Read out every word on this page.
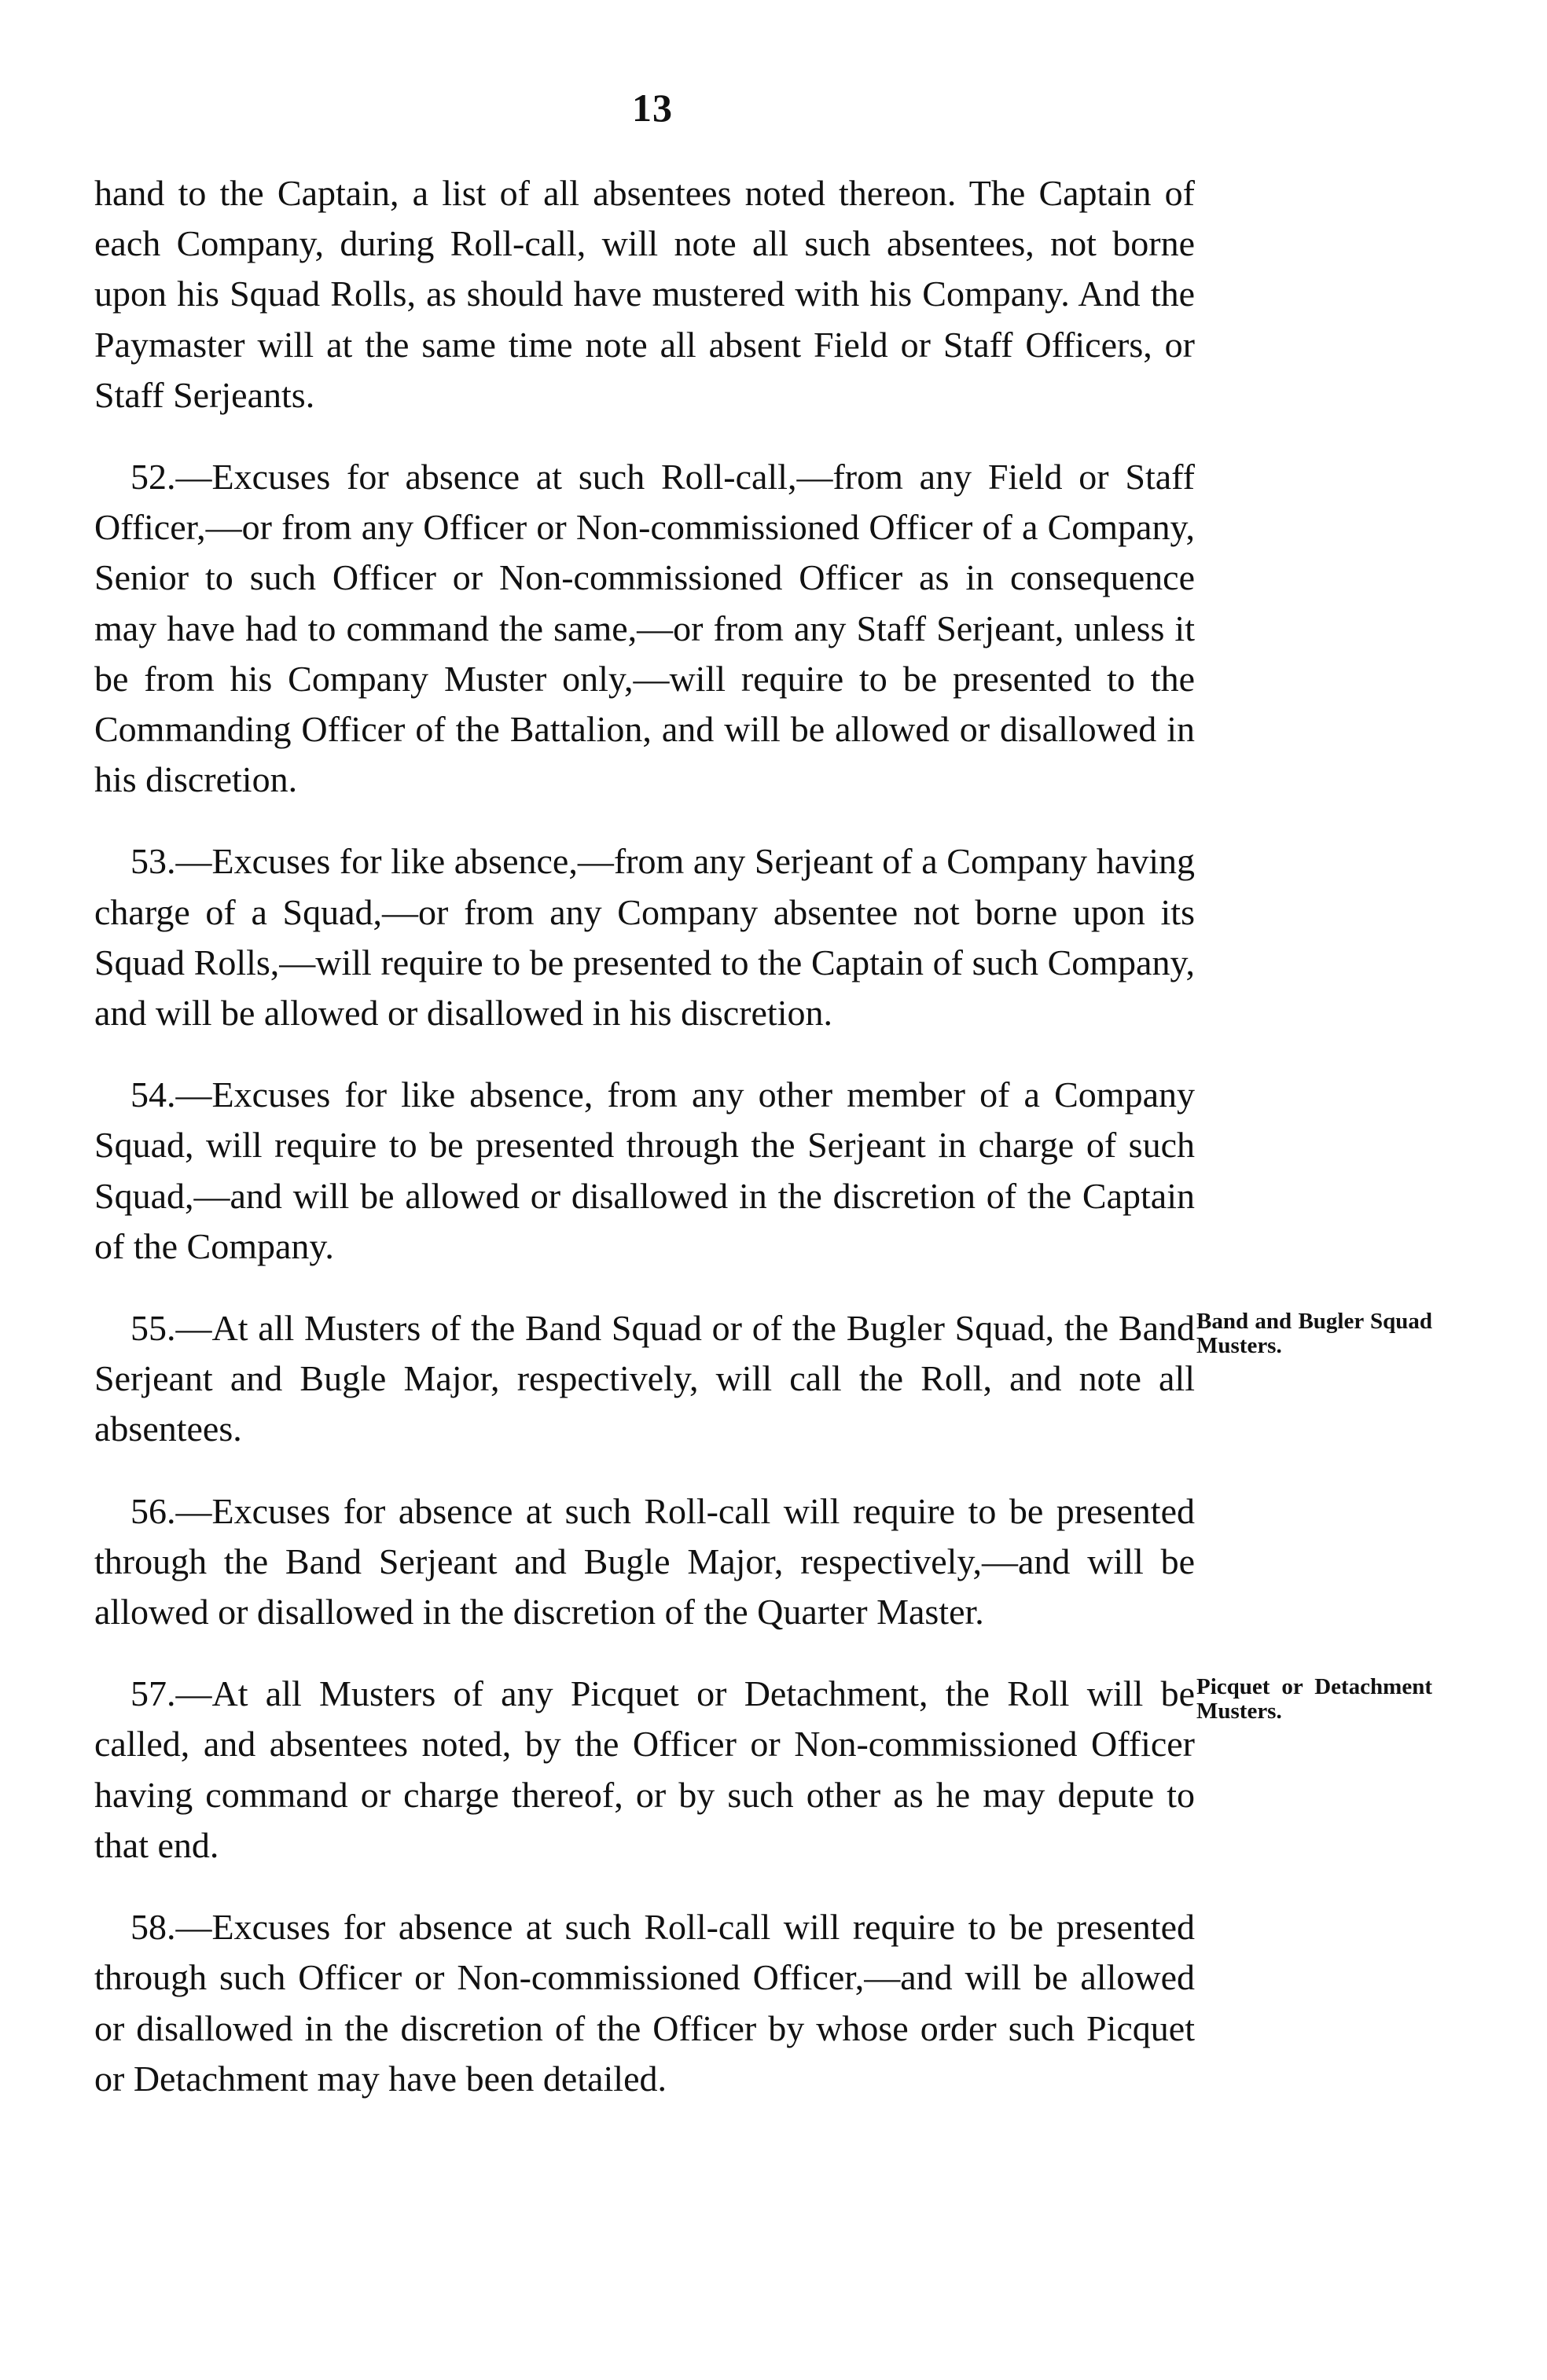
13

hand to the Captain, a list of all absentees noted thereon. The Captain of each Company, during Roll-call, will note all such absentees, not borne upon his Squad Rolls, as should have mustered with his Company. And the Paymaster will at the same time note all absent Field or Staff Officers, or Staff Serjeants.

52.—Excuses for absence at such Roll-call,—from any Field or Staff Officer,—or from any Officer or Non-commissioned Officer of a Company, Senior to such Officer or Non-commissioned Officer as in consequence may have had to command the same,—or from any Staff Serjeant, unless it be from his Company Muster only,—will require to be presented to the Commanding Officer of the Battalion, and will be allowed or disallowed in his discretion.

53.—Excuses for like absence,—from any Serjeant of a Company having charge of a Squad,—or from any Company absentee not borne upon its Squad Rolls,—will require to be presented to the Captain of such Company, and will be allowed or disallowed in his discretion.

54.—Excuses for like absence, from any other member of a Company Squad, will require to be presented through the Serjeant in charge of such Squad,—and will be allowed or disallowed in the discretion of the Captain of the Company.

55.—At all Musters of the Band Squad or of the Bugler Squad, the Band Serjeant and Bugle Major, respectively, will call the Roll, and note all absentees.
Band and Bugler Squad Musters.

56.—Excuses for absence at such Roll-call will require to be presented through the Band Serjeant and Bugle Major, respectively,—and will be allowed or disallowed in the discretion of the Quarter Master.

57.—At all Musters of any Picquet or Detachment, the Roll will be called, and absentees noted, by the Officer or Non-commissioned Officer having command or charge thereof, or by such other as he may depute to that end.
Picquet or Detachment Musters.

58.—Excuses for absence at such Roll-call will require to be presented through such Officer or Non-commissioned Officer,—and will be allowed or disallowed in the discretion of the Officer by whose order such Picquet or Detachment may have been detailed.
